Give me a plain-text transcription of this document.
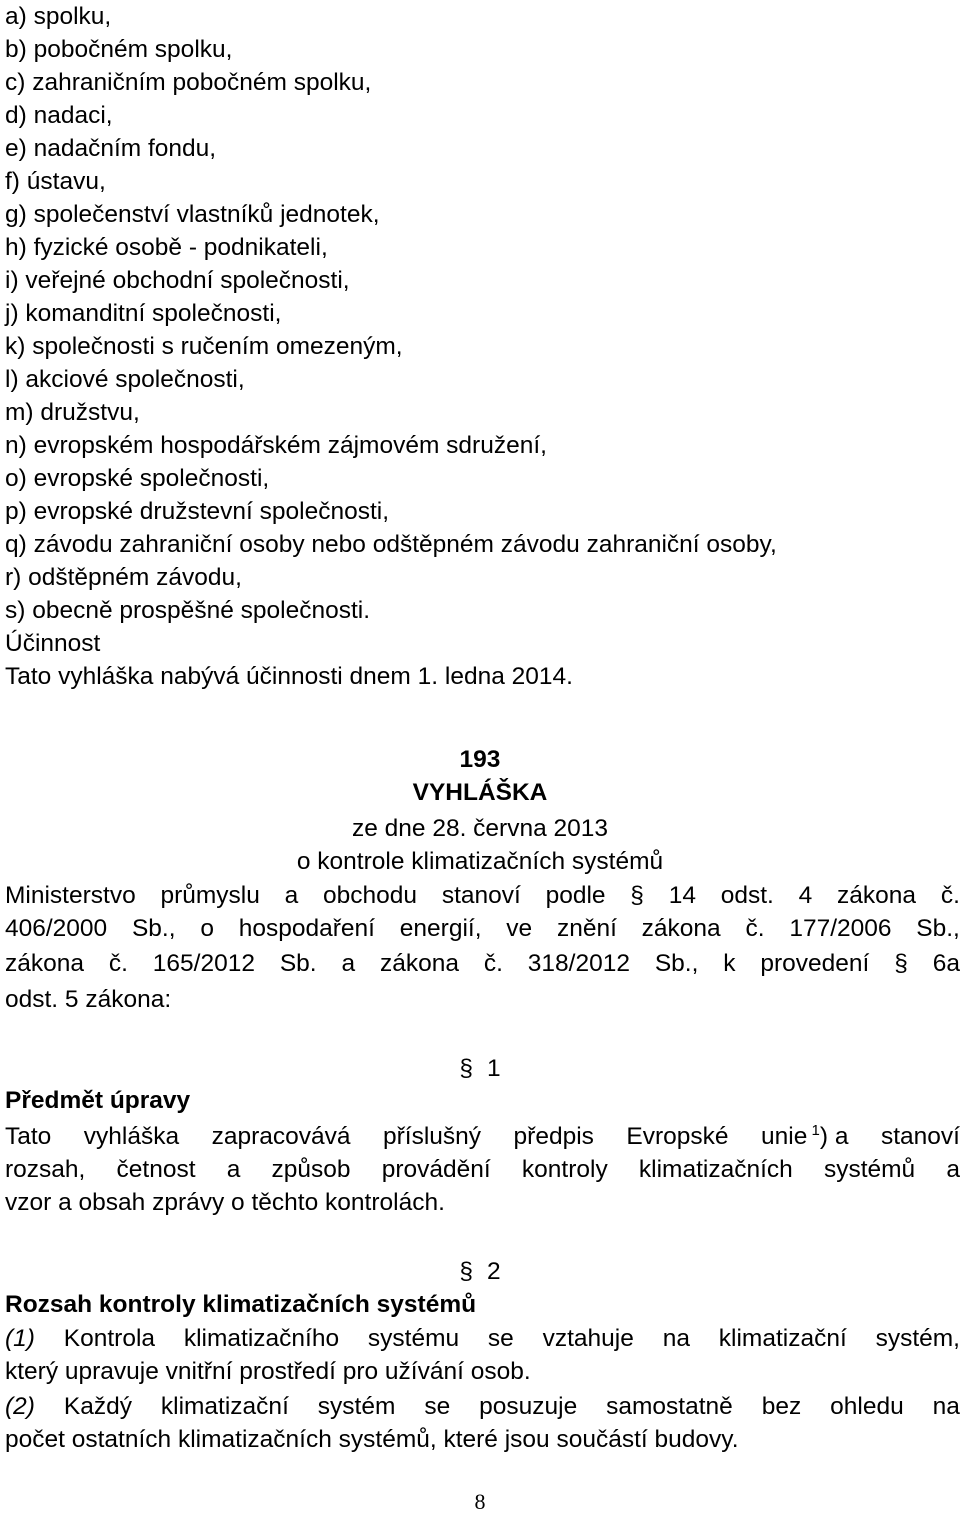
a) spolku,

b) pobočném spolku,

c) zahraničním pobočném spolku,

d) nadaci,

e) nadačním fondu,

f) ústavu,

g) společenství vlastníků jednotek,

h) fyzické osobě - podnikateli,

i) veřejné obchodní společnosti,

j) komanditní společnosti,

k) společnosti s ručením omezeným,

l) akciové společnosti,

m) družstvu,

n) evropském hospodářském zájmovém sdružení,

o) evropské společnosti,

p) evropské družstevní společnosti,

q) závodu zahraniční osoby nebo odštěpném závodu zahraniční osoby,

r) odštěpném závodu,

s) obecně prospěšné společnosti.

Účinnost

Tato vyhláška nabývá účinnosti dnem 1. ledna 2014.

193

VYHLÁŠKA

ze dne 28. června 2013

o kontrole klimatizačních systémů

Ministerstvo průmyslu a obchodu stanoví podle § 14 odst. 4 zákona č.
406/2000 Sb., o hospodaření energií, ve znění zákona č. 177/2006 Sb.,
zákona č. 165/2012 Sb. a zákona č. 318/2012 Sb., k provedení § 6a

odst. 5 zákona:

§ 1

Předmět úpravy

Tato vyhláška zapracovává příslušný předpis Evropské unie $^1$) a stanoví
rozsah, četnost a způsob provádění kontroly klimatizačních systémů a

vzor a obsah zprávy o těchto kontrolách.

§ 2

Rozsah kontroly klimatizačních systémů

(1) Kontrola klimatizačního systému se vztahuje na klimatizační systém,

který upravuje vnitřní prostředí pro užívání osob.

(2) Každý klimatizační systém se posuzuje samostatně bez ohledu na

počet ostatních klimatizačních systémů, které jsou součástí budovy.

8
